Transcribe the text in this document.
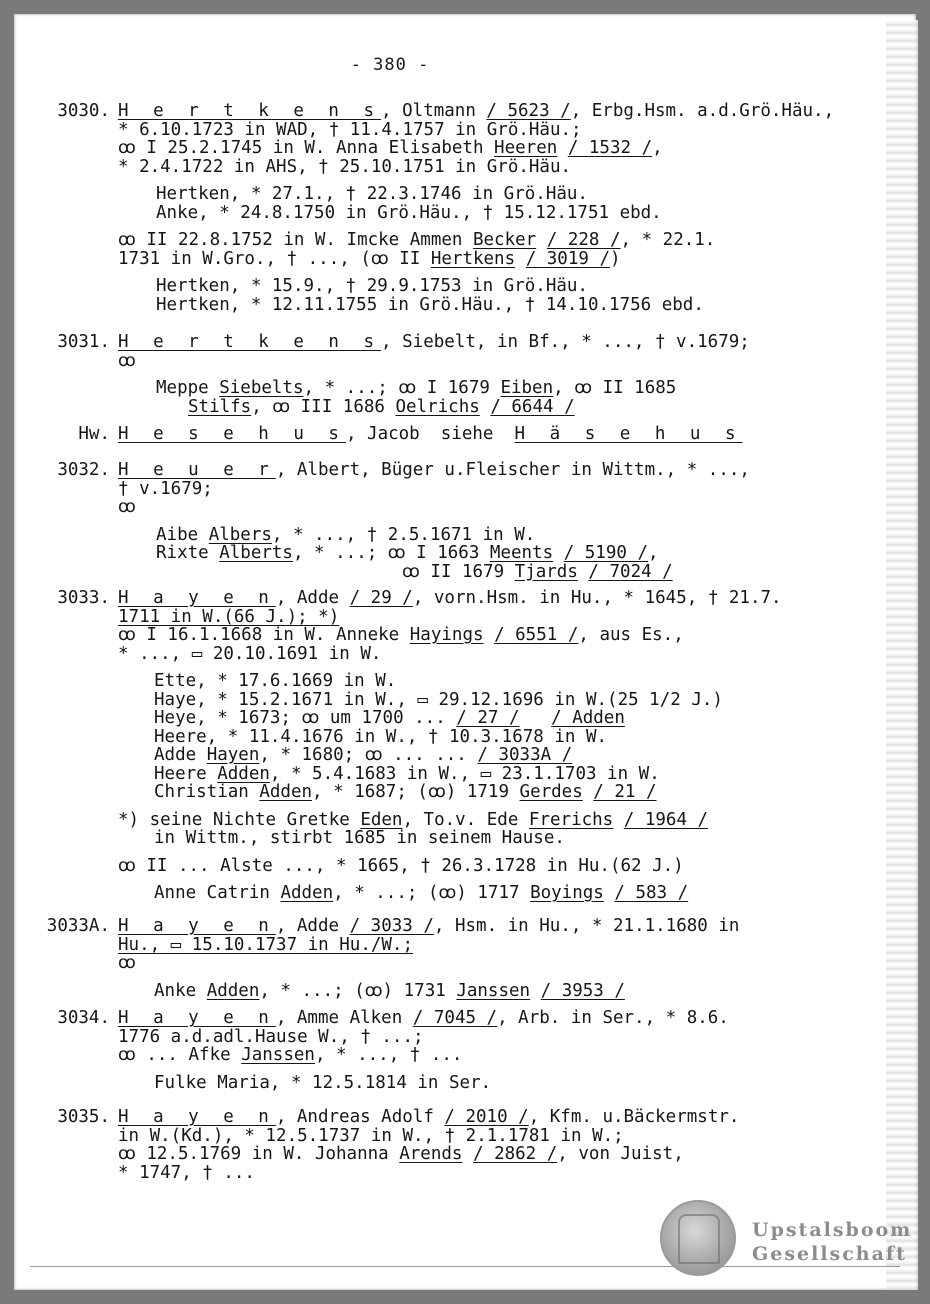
- 380 -
3030. H e r t k e n s, Oltmann / 5623 /, Erbg.Hsm. a.d.Grö.Häu.,
* 6.10.1723 in WAD, † 11.4.1757 in Grö.Häu.;
ꝏ I 25.2.1745 in W. Anna Elisabeth Heeren / 1532 /,
* 2.4.1722 in AHS, † 25.10.1751 in Grö.Häu.
Hertken, * 27.1., † 22.3.1746 in Grö.Häu.
Anke, * 24.8.1750 in Grö.Häu., † 15.12.1751 ebd.
ꝏ II 22.8.1752 in W. Imcke Ammen Becker / 228 /, * 22.1.
1731 in W.Gro., † ..., (ꝏ II Hertkens / 3019 /)
Hertken, * 15.9., † 29.9.1753 in Grö.Häu.
Hertken, * 12.11.1755 in Grö.Häu., † 14.10.1756 ebd.
3031. H e r t k e n s, Siebelt, in Bf., * ..., † v.1679;
ꝏ
Meppe Siebelts, * ...; ꝏ I 1679 Eiben, ꝏ II 1685
Stilfs, ꝏ III 1686 Oelrichs / 6644 /
Hw. H e s e h u s, Jacob  siehe  H ä s e h u s
3032. H e u e r, Albert, Büger u.Fleischer in Wittm., * ...,
† v.1679;
ꝏ
Aibe Albers, * ..., † 2.5.1671 in W.
Rixte Alberts, * ...; ꝏ I 1663 Meents / 5190 /,
ꝏ II 1679 Tjards / 7024 /
3033. H a y e n, Adde / 29 /, vorn.Hsm. in Hu., * 1645, † 21.7.
1711 in W.(66 J.); *)
ꝏ I 16.1.1668 in W. Anneke Hayings / 6551 /, aus Es.,
* ..., ▭ 20.10.1691 in W.
Ette, * 17.6.1669 in W.
Haye, * 15.2.1671 in W., ▭ 29.12.1696 in W.(25 1/2 J.)
Heye, * 1673; ꝏ um 1700 ... / 27 / / Adden
Heere, * 11.4.1676 in W., † 10.3.1678 in W.
Adde Hayen, * 1680; ꝏ ... ... / 3033A /
Heere Adden, * 5.4.1683 in W., ▭ 23.1.1703 in W.
Christian Adden, * 1687; (ꝏ) 1719 Gerdes / 21 /
*) seine Nichte Gretke Eden, To.v. Ede Frerichs / 1964 /
in Wittm., stirbt 1685 in seinem Hause.
ꝏ II ... Alste ..., * 1665, † 26.3.1728 in Hu.(62 J.)
Anne Catrin Adden, * ...; (ꝏ) 1717 Boyings / 583 /
3033A. H a y e n, Adde / 3033 /, Hsm. in Hu., * 21.1.1680 in
Hu., ▭ 15.10.1737 in Hu./W.;
ꝏ
Anke Adden, * ...; (ꝏ) 1731 Janssen / 3953 /
3034. H a y e n, Amme Alken / 7045 /, Arb. in Ser., * 8.6.
1776 a.d.adl.Hause W., † ...;
ꝏ ... Afke Janssen, * ..., † ...
Fulke Maria, * 12.5.1814 in Ser.
3035. H a y e n, Andreas Adolf / 2010 /, Kfm. u.Bäckermstr.
in W.(Kd.), * 12.5.1737 in W., † 2.1.1781 in W.;
ꝏ 12.5.1769 in W. Johanna Arends / 2862 /, von Juist,
* 1747, † ...
Upstalsboom
Gesellschaft
